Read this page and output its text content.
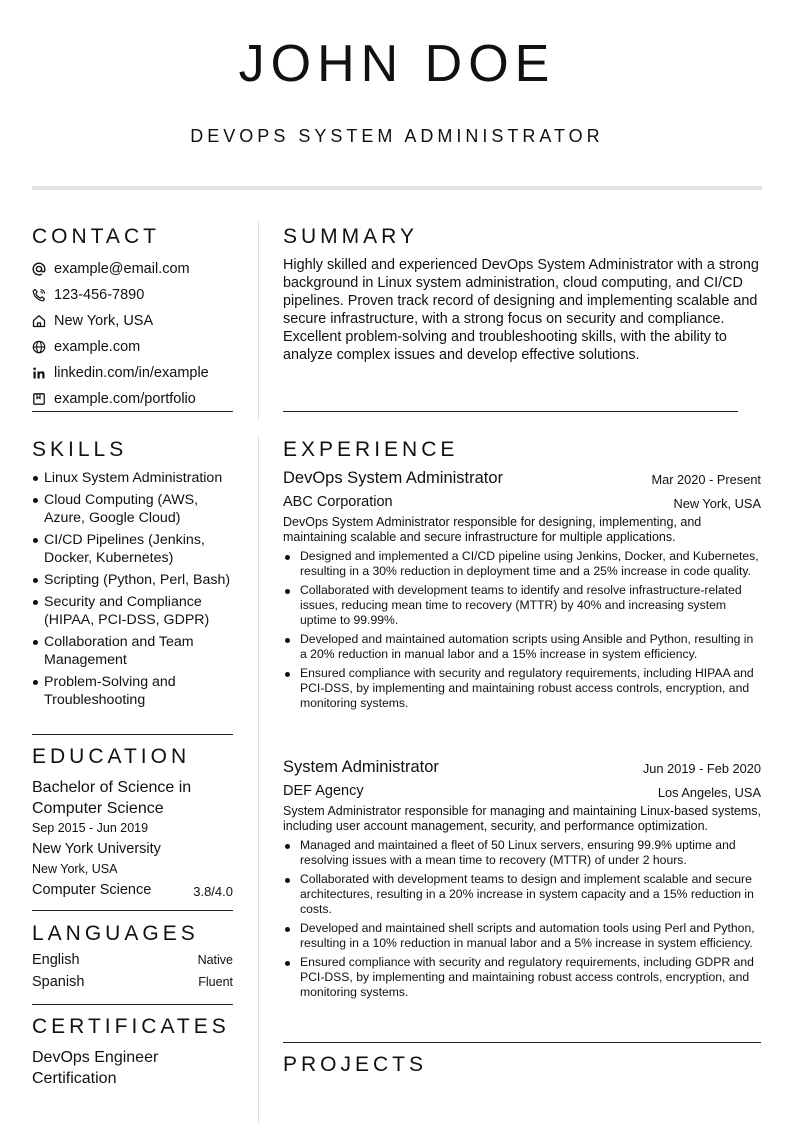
JOHN DOE
DEVOPS SYSTEM ADMINISTRATOR
CONTACT
example@email.com
123-456-7890
New York, USA
example.com
linkedin.com/in/example
example.com/portfolio
SUMMARY

Highly skilled and experienced DevOps System Administrator with a strong background in Linux system administration, cloud computing, and CI/CD pipelines. Proven track record of designing and implementing scalable and secure infrastructure, with a strong focus on security and compliance. Excellent problem-solving and troubleshooting skills, with the ability to analyze complex issues and develop effective solutions.

SKILLS
Linux System Administration
Cloud Computing (AWS, Azure, Google Cloud)
CI/CD Pipelines (Jenkins, Docker, Kubernetes)
Scripting (Python, Perl, Bash)
Security and Compliance (HIPAA, PCI-DSS, GDPR)
Collaboration and Team Management
Problem-Solving and Troubleshooting
EDUCATION
Bachelor of Science in Computer Science
Sep 2015 - Jun 2019
New York University
New York, USA
Computer Science	3.8/4.0
LANGUAGES
English	Native
Spanish	Fluent
CERTIFICATES
DevOps Engineer Certification
EXPERIENCE
DevOps System Administrator	Mar 2020 - Present
ABC Corporation	New York, USA

DevOps System Administrator responsible for designing, implementing, and maintaining scalable and secure infrastructure for multiple applications.

Designed and implemented a CI/CD pipeline using Jenkins, Docker, and Kubernetes, resulting in a 30% reduction in deployment time and a 25% increase in code quality.
Collaborated with development teams to identify and resolve infrastructure-related issues, reducing mean time to recovery (MTTR) by 40% and increasing system uptime to 99.99%.
Developed and maintained automation scripts using Ansible and Python, resulting in a 20% reduction in manual labor and a 15% increase in system efficiency.
Ensured compliance with security and regulatory requirements, including HIPAA and PCI-DSS, by implementing and maintaining robust access controls, encryption, and monitoring systems.
System Administrator	Jun 2019 - Feb 2020
DEF Agency	Los Angeles, USA

System Administrator responsible for managing and maintaining Linux-based systems, including user account management, security, and performance optimization.

Managed and maintained a fleet of 50 Linux servers, ensuring 99.9% uptime and resolving issues with a mean time to recovery (MTTR) of under 2 hours.
Collaborated with development teams to design and implement scalable and secure architectures, resulting in a 20% increase in system capacity and a 15% reduction in costs.
Developed and maintained shell scripts and automation tools using Perl and Python, resulting in a 10% reduction in manual labor and a 5% increase in system efficiency.
Ensured compliance with security and regulatory requirements, including GDPR and PCI-DSS, by implementing and maintaining robust access controls, encryption, and monitoring systems.
PROJECTS
